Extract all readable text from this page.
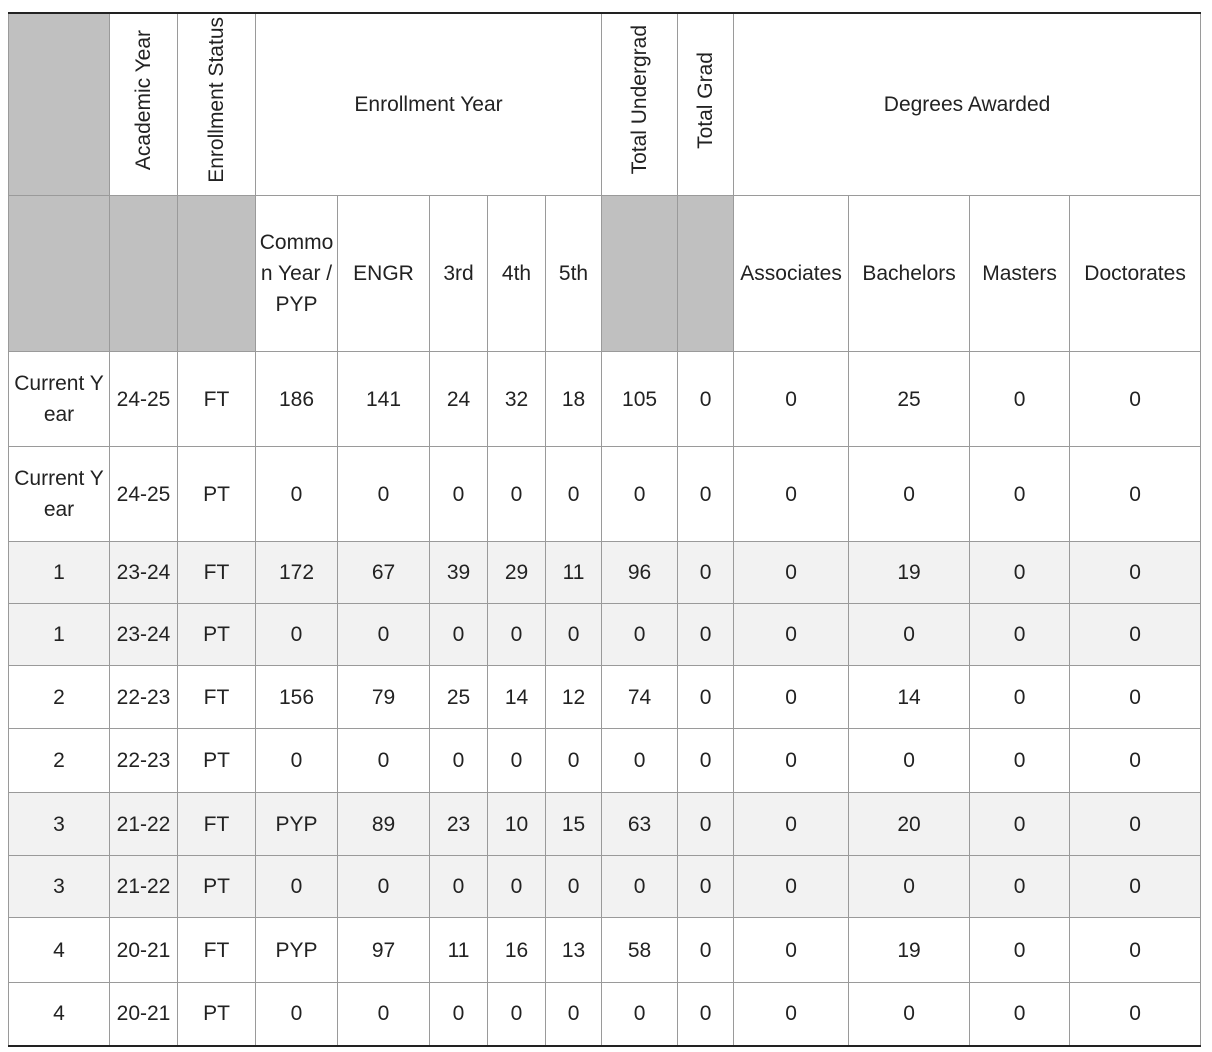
	Academic Year	Enrollment Status	Enrollment Year					Total Undergrad	Total Grad	Degrees Awarded			
			Common Year / PYP	ENGR	3rd	4th	5th			Associates	Bachelors	Masters	Doctorates
Current Year	24-25	FT	186	141	24	32	18	105	0	0	25	0	0
Current Year	24-25	PT	0	0	0	0	0	0	0	0	0	0	0
1	23-24	FT	172	67	39	29	11	96	0	0	19	0	0
1	23-24	PT	0	0	0	0	0	0	0	0	0	0	0
2	22-23	FT	156	79	25	14	12	74	0	0	14	0	0
2	22-23	PT	0	0	0	0	0	0	0	0	0	0	0
3	21-22	FT	PYP	89	23	10	15	63	0	0	20	0	0
3	21-22	PT	0	0	0	0	0	0	0	0	0	0	0
4	20-21	FT	PYP	97	11	16	13	58	0	0	19	0	0
4	20-21	PT	0	0	0	0	0	0	0	0	0	0	0
